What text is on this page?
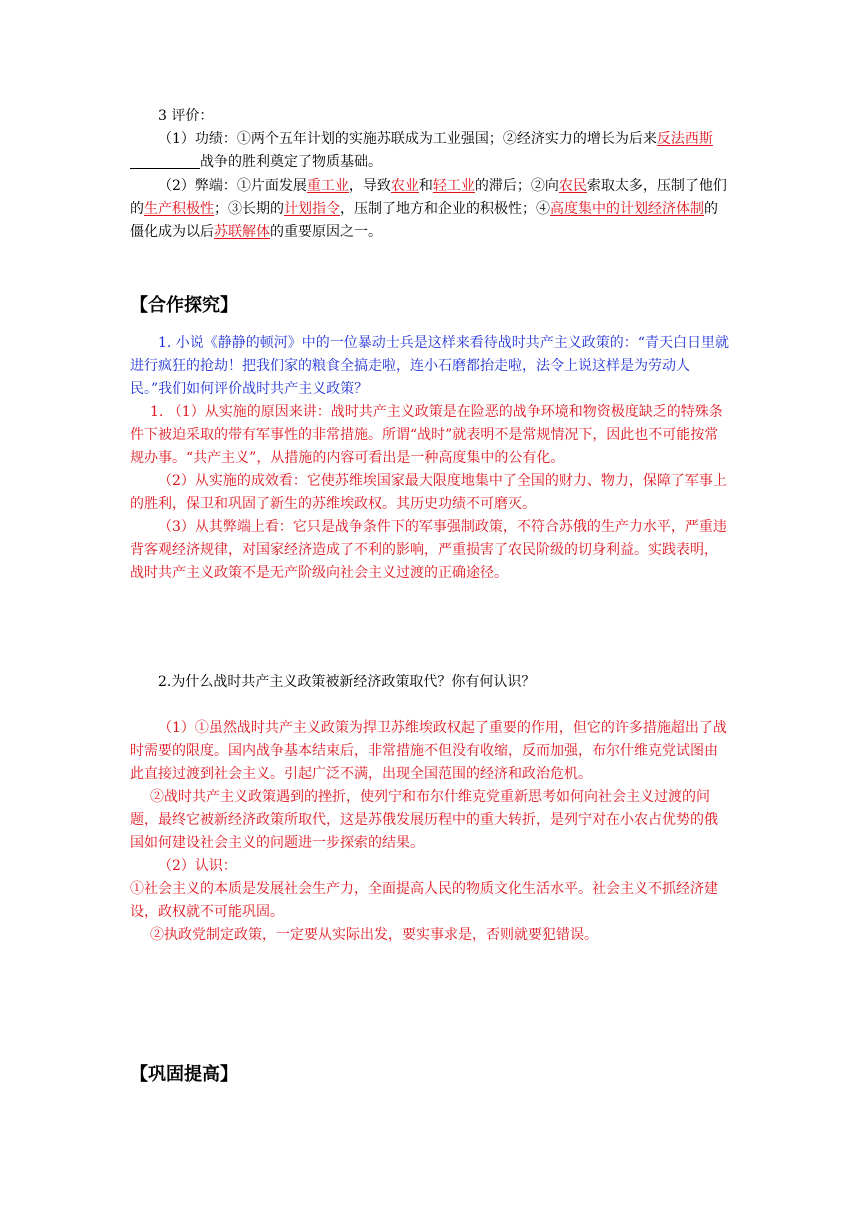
3 评价：

（1）功绩：①两个五年计划的实施苏联成为工业强国；②经济实力的增长为后来反法西斯战争的胜利奠定了物质基础。

（2）弊端：①片面发展重工业，导致农业和轻工业的滞后；②向农民索取太多，压制了他们的生产积极性；③长期的计划指令，压制了地方和企业的积极性；④高度集中的计划经济体制的僵化成为以后苏联解体的重要原因之一。

【合作探究】

1. 小说《静静的顿河》中的一位暴动士兵是这样来看待战时共产主义政策的：“青天白日里就进行疯狂的抢劫！把我们家的粮食全搞走啦，连小石磨都抬走啦，法令上说这样是为劳动人民。”我们如何评价战时共产主义政策？

1. （1）从实施的原因来讲：战时共产主义政策是在险恶的战争环境和物资极度缺乏的特殊条件下被迫采取的带有军事性的非常措施。所谓“战时”就表明不是常规情况下，因此也不可能按常规办事。“共产主义”，从措施的内容可看出是一种高度集中的公有化。

（2）从实施的成效看：它使苏维埃国家最大限度地集中了全国的财力、物力，保障了军事上的胜利，保卫和巩固了新生的苏维埃政权。其历史功绩不可磨灭。

（3）从其弊端上看：它只是战争条件下的军事强制政策，不符合苏俄的生产力水平，严重违背客观经济规律，对国家经济造成了不利的影响，严重损害了农民阶级的切身利益。实践表明，战时共产主义政策不是无产阶级向社会主义过渡的正确途径。

2.为什么战时共产主义政策被新经济政策取代？你有何认识？

（1）①虽然战时共产主义政策为捍卫苏维埃政权起了重要的作用，但它的许多措施超出了战时需要的限度。国内战争基本结束后，非常措施不但没有收缩，反而加强，布尔什维克党试图由此直接过渡到社会主义。引起广泛不满，出现全国范围的经济和政治危机。

②战时共产主义政策遇到的挫折，使列宁和布尔什维克党重新思考如何向社会主义过渡的问题，最终它被新经济政策所取代，这是苏俄发展历程中的重大转折，是列宁对在小农占优势的俄国如何建设社会主义的问题进一步探索的结果。

（2）认识：

①社会主义的本质是发展社会生产力，全面提高人民的物质文化生活水平。社会主义不抓经济建设，政权就不可能巩固。

②执政党制定政策，一定要从实际出发，要实事求是，否则就要犯错误。

【巩固提高】
